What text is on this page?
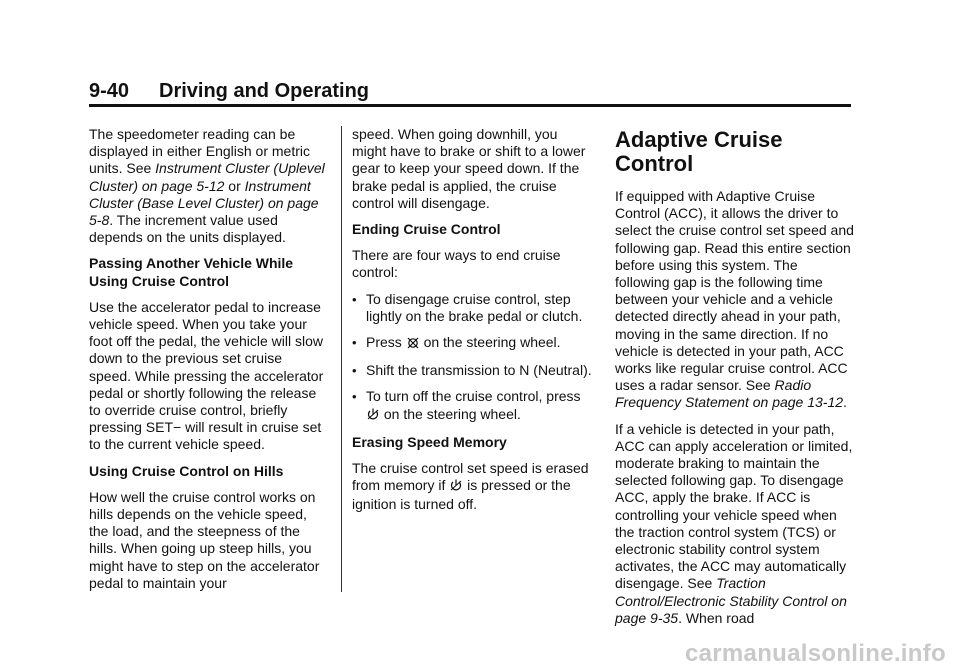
9-40 Driving and Operating

The speedometer reading can be displayed in either English or metric units. See Instrument Cluster (Uplevel Cluster) on page 5-12 or Instrument Cluster (Base Level Cluster) on page 5-8. The increment value used depends on the units displayed.

Passing Another Vehicle While Using Cruise Control

Use the accelerator pedal to increase vehicle speed. When you take your foot off the pedal, the vehicle will slow down to the previous set cruise speed. While pressing the accelerator pedal or shortly following the release to override cruise control, briefly pressing SET− will result in cruise set to the current vehicle speed.

Using Cruise Control on Hills

How well the cruise control works on hills depends on the vehicle speed, the load, and the steepness of the hills. When going up steep hills, you might have to step on the accelerator pedal to maintain your

speed. When going downhill, you might have to brake or shift to a lower gear to keep your speed down. If the brake pedal is applied, the cruise control will disengage.

Ending Cruise Control

There are four ways to end cruise control:

• To disengage cruise control, step lightly on the brake pedal or clutch.
• Press  on the steering wheel.
• Shift the transmission to N (Neutral).
• To turn off the cruise control, press  on the steering wheel.
Erasing Speed Memory

The cruise control set speed is erased from memory if  is pressed or the ignition is turned off.

Adaptive Cruise Control

If equipped with Adaptive Cruise Control (ACC), it allows the driver to select the cruise control set speed and following gap. Read this entire section before using this system. The following gap is the following time between your vehicle and a vehicle detected directly ahead in your path, moving in the same direction. If no vehicle is detected in your path, ACC works like regular cruise control. ACC uses a radar sensor. See Radio Frequency Statement on page 13-12.

If a vehicle is detected in your path, ACC can apply acceleration or limited, moderate braking to maintain the selected following gap. To disengage ACC, apply the brake. If ACC is controlling your vehicle speed when the traction control system (TCS) or electronic stability control system activates, the ACC may automatically disengage. See Traction Control/Electronic Stability Control on page 9-35. When road

carmanualsonline.info
